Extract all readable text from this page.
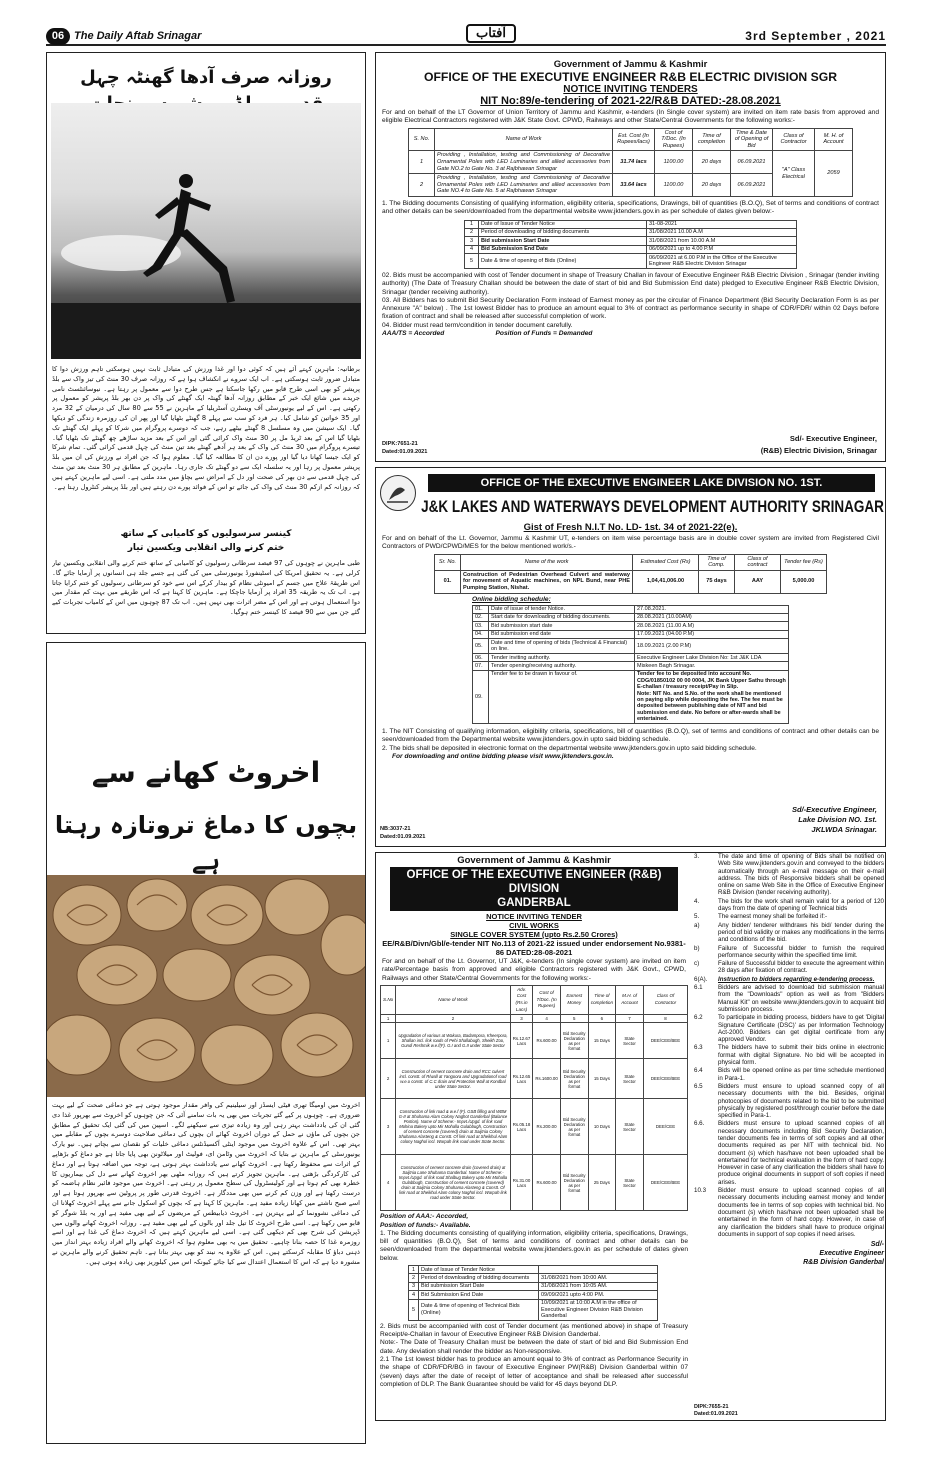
06 The Daily Aftab Srinagar	آفتاب	3rd September , 2021
روزانہ صرف آدھا گھنٹہ چہل
برطانیہ: ماہرین کہتے آئے ہیں کہ کوئی دوا اور غذا ورزش کی متبادل ثابت نہیں ہوسکتی تاہم ورزش دوا کا متبادل ضرور ثابت ہوسکتی ہے۔ اب ایک سروے نے انکشاف ہوا ہے کہ روزانہ صرف 30 منٹ کی تیز واک سے بلڈ پریشر کو بھی اسی طرح قابو میں رکھا جاسکتا ہے جس طرح دوا سے معمول پر رہتا ہے۔ نیوسائنٹسٹ نامی جریدے میں شائع ایک خبر کے مطابق روزانہ آدھا گھنٹہ ایک گھنٹے کی واک پر دن بھر بلڈ پریشر کو معمول پر رکھتی ہے۔ اس کے لیے یونیورسٹی آف ویسٹرن آسٹریلیا کے ماہرین نے 55 سے 80 سال کی درمیان کے 32 مرد اور 35 خواتین کو شامل کیا۔ ہر فرد کو سب سے پہلے 8 گھنٹے بٹھایا گیا اور پھر ان کی روزمرہ زندگی کو دیکھا گیا۔ ایک سیشن میں وہ مسلسل 8 گھنٹے بیٹھے رہے، جب کہ دوسرے پروگرام میں شرکا کو پہلے ایک گھنٹے تک بٹھایا گیا اس کے بعد ٹریڈ مل پر 30 منٹ واک کرائی گئی اور اس کے بعد مزید ساڑھے چھ گھنٹے تک بٹھایا گیا۔ تیسرے پروگرام میں 30 منٹ کی واک کے بعد ہر آدھے گھنٹے بعد تین منٹ کی چہل قدمی کرائی گئی۔ تمام شرکا کو ایک جیسا کھانا دیا گیا اور پورے دن ان کا مطالعہ کیا گیا۔ معلوم ہوا کہ جن افراد نے ورزش کی ان میں بلڈ پریشر معمول پر رہا اور یہ سلسلہ ایک سے دو گھنٹے تک جاری رہا۔ ماہرین کے مطابق ہر 30 منٹ بعد تین منٹ کی چہل قدمی سے دن بھر کی صحت اور دل کے امراض سے بچاؤ میں مدد ملتی ہے۔ اسی لیے ماہرین کہتے ہیں کہ روزانہ کم ازکم 30 منٹ کی واک کی جائے تو اس کے فوائد پورے دن رہتے ہیں اور بلڈ پریشر کنٹرول رہتا ہے۔
کینسر سرسولیوں کو کامیابی کے ساتھ
ختم کرنے والی انقلابی ویکسین تیار
طبی ماہرین نے چوہوں کی 97 فیصد سرطانی رسولیوں کو کامیابی کے ساتھ ختم کرنے والی انقلابی ویکسین تیار کرلی ہے۔ یہ تحقیق امریکا کی اسٹینفورڈ یونیورسٹی میں کی گئی ہے جسے جلد ہی انسانوں پر آزمایا جائے گا۔ اس طریقۂ علاج میں جسم کے امیونٹی نظام کو بیدار کرکے اس سے خود کو سرطانی رسولیوں کو ختم کرایا جاتا ہے۔ اب تک یہ طریقہ 35 افراد پر آزمایا جاچکا ہے۔ ماہرین کا کہنا ہے کہ اس طریقے میں بہت کم مقدار میں دوا استعمال ہوتی ہے اور اس کے مضر اثرات بھی نہیں ہیں۔ اب تک 87 چوہوں میں اس کے کامیاب تجربات کیے گئے جن میں سے 90 فیصد کا کینسر ختم ہوگیا۔
اخروٹ کھانے سے
بچوں کا دماغ تروتازہ رہتا ہے
اخروٹ میں اومیگا تھری فیٹی ایسڈز اور سیلینیم کی وافر مقدار موجود ہوتی ہے جو دماغی صحت کے لیے بہت ضروری ہے۔ چوہوں پر کیے گئے تجربات میں بھی یہ بات سامنے آئی کہ جن چوہوں کو اخروٹ سے بھرپور غذا دی گئی ان کی یادداشت بہتر رہی اور وہ زیادہ تیزی سے سیکھنے لگے۔ اسپین میں کی گئی ایک تحقیق کے مطابق جن بچوں کی ماؤں نے حمل کے دوران اخروٹ کھائے ان بچوں کی دماغی صلاحیت دوسرے بچوں کے مقابلے میں بہتر تھی۔ اس کے علاوہ اخروٹ میں موجود اینٹی آکسیڈنٹس دماغی خلیات کو نقصان سے بچاتے ہیں۔ نیو یارک یونیورسٹی کے ماہرین نے بتایا کہ اخروٹ میں وٹامن ای، فولیٹ اور میلاٹونن بھی پایا جاتا ہے جو دماغ کو بڑھاپے کے اثرات سے محفوظ رکھتا ہے۔ اخروٹ کھانے سے یادداشت بہتر ہوتی ہے، توجہ میں اضافہ ہوتا ہے اور دماغ کی کارکردگی بڑھتی ہے۔ ماہرین تجویز کرتے ہیں کہ روزانہ مٹھی بھر اخروٹ کھانے سے دل کی بیماریوں کا خطرہ بھی کم ہوتا ہے اور کولیسٹرول کی سطح معمول پر رہتی ہے۔ اخروٹ میں موجود فائبر نظام ہاضمہ کو درست رکھتا ہے اور وزن کم کرنے میں بھی مددگار ہے۔ اخروٹ قدرتی طور پر پروٹین سے بھرپور ہوتا ہے اور اسے صبح ناشتے میں کھانا زیادہ مفید ہے۔ ماہرین کا کہنا ہے کہ بچوں کو اسکول جانے سے پہلے اخروٹ کھلانا ان کی دماغی نشوونما کے لیے بہترین ہے۔ اخروٹ ذیابیطس کے مریضوں کے لیے بھی مفید ہے اور یہ بلڈ شوگر کو قابو میں رکھتا ہے۔ اسی طرح اخروٹ کا تیل جلد اور بالوں کے لیے بھی مفید ہے۔ روزانہ اخروٹ کھانے والوں میں ڈپریشن کی شرح بھی کم دیکھی گئی ہے۔ اسی لیے ماہرین کہتے ہیں کہ اخروٹ دماغ کی غذا ہے اور اسے روزمرہ غذا کا حصہ بنانا چاہیے۔ تحقیق میں یہ بھی معلوم ہوا کہ اخروٹ کھانے والے افراد زیادہ بہتر انداز میں ذہنی دباؤ کا مقابلہ کرسکتے ہیں۔ اس کے علاوہ یہ نیند کو بھی بہتر بناتا ہے۔ تاہم تحقیق کرنے والے ماہرین نے مشورہ دیا ہے کہ اس کا استعمال اعتدال سے کیا جائے کیونکہ اس میں کیلوریز بھی زیادہ ہوتی ہیں۔
Government of Jammu & Kashmir
OFFICE OF THE EXECUTIVE ENGINEER R&B ELECTRIC DIVISION SGR
NOTICE INVITING TENDERS
NIT No:89/e-tendering of 2021-22/R&B DATED:-28.08.2021
For and on behalf of the LT Governor of Union Territory of Jammu and Kashmir, e-tenders (In Single cover system) are invited on item rate basis from approved and eligible Electrical Contractors registered with J&K State Govt. CPWD, Railways and other State/Central Governments for the following works:-
S. No.	Name of Work	Est. Cost (In Rupees/lacs)	Cost of T/Doc. (In Rupees)	Time of completion	Time & Date of Opening of Bid	Class of Contractor	M. H. of Account
1	Providing , Installation, testing and Commissioning of Decorative Ornamental Poles with LED Luminaries and allied accessories from Gate NO.2 to Gate No. 3 at Rajbhawan Srinagar	31.74 lacs	1100.00	20 days	06.09.2021	"A" Class Electrical	2059
2	Providing , Installation, testing and Commissioning of Decorative Ornamental Poles with LED Luminaries and allied accessories from Gate NO.4 to Gate No. 5 at Rajbhawan Srinagar	33.64 lacs	1100.00	20 days	06.09.2021		
1. The Bidding documents Consisting of qualifying information, eligibility criteria, specifications, Drawings, bill of quantities (B.O.Q), Set of terms and conditions of contract and other details can be seen/downloaded from the departmental website www.jktenders.gov.in as per schedule of dates given below:-
1	Date of Issue of Tender Notice	31-08-2021
2	Period of downloading of bidding documents	31/08/2021 10.00 A.M
3	Bid submission Start Date	31/08/2021 from 10.00 A.M
4	Bid Submission End Date	06/09/2021 up to 4.00 P.M
5	Date & time of opening of Bids (Online)	06/09/2021 at 6.00 P.M in the Office of the Executive Engineer R&B Electric Division Srinagar
02. Bids must be accompanied with cost of Tender document in shape of Treasury Challan in favour of Executive Engineer R&B Electric Division , Srinagar (tender inviting authority) (The Date of Treasury Challan should be between the date of start of bid and Bid Submission End date) pledged to Executive Engineer R&B Electric Division, Srinagar (tender receiving authority).
03. All Bidders has to submit Bid Security Declaration Form instead of Earnest money as per the circular of Finance Department (Bid Security Declaration Form is as per Annexure "A" below) . The 1st lowest Bidder has to produce an amount equal to 3% of contract as performance security in shape of CDR/FDR/ within 02 Days before fixation of contract and shall be released after successful completion of work.
04. Bidder must read term/condition in tender document carefully.
AAA/TS = Accorded	Position of Funds = Demanded
DIPK:7651-21
Dated:01.09.2021
Sd/- Executive Engineer,
(R&B) Electric Division, Srinagar
OFFICE OF THE EXECUTIVE ENGINEER LAKE DIVISION NO. 1ST.
J&K LAKES AND WATERWAYS DEVELOPMENT AUTHORITY SRINAGAR
Gist of Fresh N.I.T No. LD- 1st. 34 of 2021-22(e).
For and on behalf of the Lt. Governor, Jammu & Kashmir UT, e-tenders on item wise percentage basis are in double cover system are invited from Registered Civil Contractors of PWD/CPWD/MES for the below mentioned work/s.-
Sr. No.	Name of the work	Estimated Cost (Rs)	Time of Comp.	Class of contract	Tender fee (Rs)
01.	Construction of Pedestrian Overhead Culvert and waterway for movement of Aquatic machines, on NPL Bund, near PHE Pumping Station, Nishat.	1,04,41,006.00	75 days	AAY	5,000.00
Online bidding schedule:
01.	Date of issue of tender Notice.	27.08.2021.
02.	Start date for downloading of bidding documents.	28.08.2021 (10.00AM)
03.	Bid submission start date	28.08.2021 (11.00 A.M)
04.	Bid submission end date	17.09.2021 (04.00 P.M)
05.	Date and time of opening of bids (Technical & Financial) on line.	18.09.2021 (2.00 P.M)
06.	Tender inviting authority.	Executive Engineer Lake Division No: 1st J&K LDA
07.	Tender opening/receiving authority.	Miskeen Bagh Srinagar.
09.	Tender fee to be drawn in favour of.	Tender fee to be deposited into account No. CDG/01850102 00 00 0004, JK Bank Upper Sathu through E-challan / treasury receipt/Pay in Slip.
Note: NIT No. and S.No. of the work shall be mentioned on paying slip while depositing the fee. The fee must be deposited between publishing date of NIT and bid submission end date. No before or after-wards shall be entertained.
1. The NIT Consisting of qualifying information, eligibility criteria, specifications, bill of quantities (B.O.Q), set of terms and conditions of contract and other details can be seen/downloaded from the Departmental website www.jktenders.gov.in upto said bidding schedule.
2. The bids shall be deposited in electronic format on the departmental website www.jktenders.gov.in upto said bidding schedule.
For downloading and online bidding please visit www.jktenders.gov.in.
NB:3037-21
Dated:01.09.2021
Sd/-Executive Engineer,
Lake Division NO. 1st.
JKLWDA Srinagar.
Government of Jammu & Kashmir
OFFICE OF THE EXECUTIVE ENGINEER (R&B) DIVISION
GANDERBAL
NOTICE INVITING TENDER
CIVIL WORKS
SINGLE COVER SYSTEM (upto Rs.2.50 Crores)
EE/R&B/Divn/Gbl/e-tender NIT No.113 of 2021-22 issued under endorsement No.9381-86 DATED:28-08-2021
For and on behalf of the Lt. Governor, UT J&K, e-tenders (In single cover system) are invited on item rate/Percentage basis from approved and eligible Contractors registered with J&K Govt., CPWD, Railways and other State/Central Governments for the following works:-
S.No	Name of Work	Adv. Cost (Rs.in Lacs)	Cost of T/Doc. (In Rupees)	Earnest Money	Time of completion	M.H. of Account	Class Of Contractor
1	2	3	4	5	6	7	8
1	Upgradation of various at Wakura, Badampora, Kheerpora, Shallan incl. link roads of Pehi Shallabugh, Sheikh Zoo, Gundi Reshmik w.e.f(F). G.I and G.II under State Sector	Rs.12.67 Lacs	Rs.600.00	Bid Security Declaration as per format	15 Days	State Sector	DEE/CEE/BEE
2	Construction of cement concrete drain and RCC culvert incl. constt. of R/wall at Yangoora and Upgradationof road w.e.o constt. of C.C drain and Protection Wall at Kondbal under State Sector.	Rs.12.65 Lacs	Rs.1600.00	Bid Security Declaration as per format	15 Days	State Sector	DEE/CEE/BEE
3	Construction of link road & w.e.f (F). GSB filling and WBM G-II at Shuhama Alam Colony Naghot Ganderbal (Balance Portion). Name of Scheme:- Impvt./Upgd. of link road Mohina Bakery upto Mir Mohalla Gulabbugh, Construction of cement concrete (covered) drain at Saijtnia Colony Shuhama Alasteng & Constt. Of link road at Sheikhul Alam colony Naghol incl. Warpah link road under State Sector.	Rs.05.18 Lacs	Rs.200.00	Bid Security Declaration as per format	10 Days	State Sector	DEE/CEE
4	Construction of cement concrete drain (covered drain) at Saijtnia Lane Shuhama Ganderbal. Name of Scheme:- Impvt./Upgd. of link road Shalbug Bakery upto Mir Mohalla Gulabbugh, Construction of cement concrete (covered) drain at Saijtnia Colony Shuhama Alasteng & Constt. Of link road at Sheikhul Alam colony Naghol incl. Warpah link road under State Sector.	Rs.31.00 Lacs	Rs.600.00	Bid Security Declaration as per format	25 Days	State Sector	DEE/CEE/BEE
Position of AAA:- Accorded,
Position of funds:- Available.
1. The Bidding documents consisting of qualifying information, eligibility criteria, specifications, Drawings, bill of quantities (B.O.Q), Set of terms and conditions of contract and other details can be seen/downloaded from the departmental website www.jktenders.gov.in as per schedule of dates given below.
1	Date of Issue of Tender Notice	
2	Period of downloading of bidding documents	31/08/2021 from 10:00 AM.
3	Bid submission Start Date	31/08/2021 from 10:05 AM.
4	Bid Submission End Date	09/09/2021 upto 4:00 PM.
5	Date & time of opening of Technical Bids (Online)	10/09/2021 at 10:00 A.M in the office of Executive Engineer Division R&B Division Ganderbal
2. Bids must be accompanied with cost of Tender document (as mentioned above) in shape of Treasury Receipt/e-Challan in favour of Executive Engineer R&B Division Ganderbal.
Note:- The Date of Treasury Challan must be between the date of start of bid and Bid Submission End date. Any deviation shall render the bidder as Non-responsive.
2.1 The 1st lowest bidder has to produce an amount equal to 3% of contract as Performance Security in the shape of CDR/FDR/BG in favour of Executive Engineer PW(R&B) Division Ganderbal within 07 (seven) days after the date of receipt of letter of acceptance and shall be released after successful completion of DLP. The Bank Guarantee should be valid for 45 days beyond DLP.
3.	The date and time of opening of Bids shall be notified on Web Site www.jktenders.gov.in and conveyed to the bidders automatically through an e-mail message on their e-mail address. The bids of Responsive bidders shall be opened online on same Web Site in the Office of Executive Engineer R&B Division (tender receiving authority).
4.	The bids for the work shall remain valid for a period of 120 days from the date of opening of Technical bids
5.	The earnest money shall be forfeited if:-
a)	Any bidder/ tenderer withdraws his bid/ tender during the period of bid validity or makes any modifications in the terms and conditions of the bid.
b)	Failure of Successful bidder to furnish the required performance security within the specified time limit.
c)	Failure of Successful bidder to execute the agreement within 28 days after fixation of contract.
6(A).	Instruction to bidders regarding e-tendering process.
6.1	Bidders are advised to download bid submission manual from the "Downloads" option as well as from "Bidders Manual Kit" on website www.jktenders.gov.in to acquaint bid submission process.
6.2	To participate in bidding process, bidders have to get 'Digital Signature Certificate (DSC)' as per Information Technology Act-2000. Bidders can get digital certificate from any approved Vendor.
6.3	The bidders have to submit their bids online in electronic format with digital Signature. No bid will be accepted in physical form.
6.4	Bids will be opened online as per time schedule mentioned in Para-1.
6.5	Bidders must ensure to upload scanned copy of all necessary documents with the bid. Besides, original photocopies of documents related to the bid to be submitted physically by registered post/through courier before the date specified in Para-1.
6.6.	Bidders must ensure to upload scanned copies of all necessary documents including Bid Security Declaration, tender documents fee in terms of soft copies and all other documents required as per NIT with technical bid. No document (s) which has/have not been uploaded shall be entertained for technical evaluation in the form of hard copy. However in case of any clarification the bidders shall have to produce original documents in support of soft copies if need arises.
10.3	Bidder must ensure to upload scanned copies of all necessary documents including earnest money and tender documents fee in terms of sop copies with technical bid. No document (s) which has/have not been uploaded shall be entertained in the form of hard copy. However, in case of any clarification the bidders shall have to produce original documents in support of sop copies if need arises.
Sd/-
Executive Engineer
R&B Division Ganderbal
DIPK:7655-21
Dated:01.09.2021
